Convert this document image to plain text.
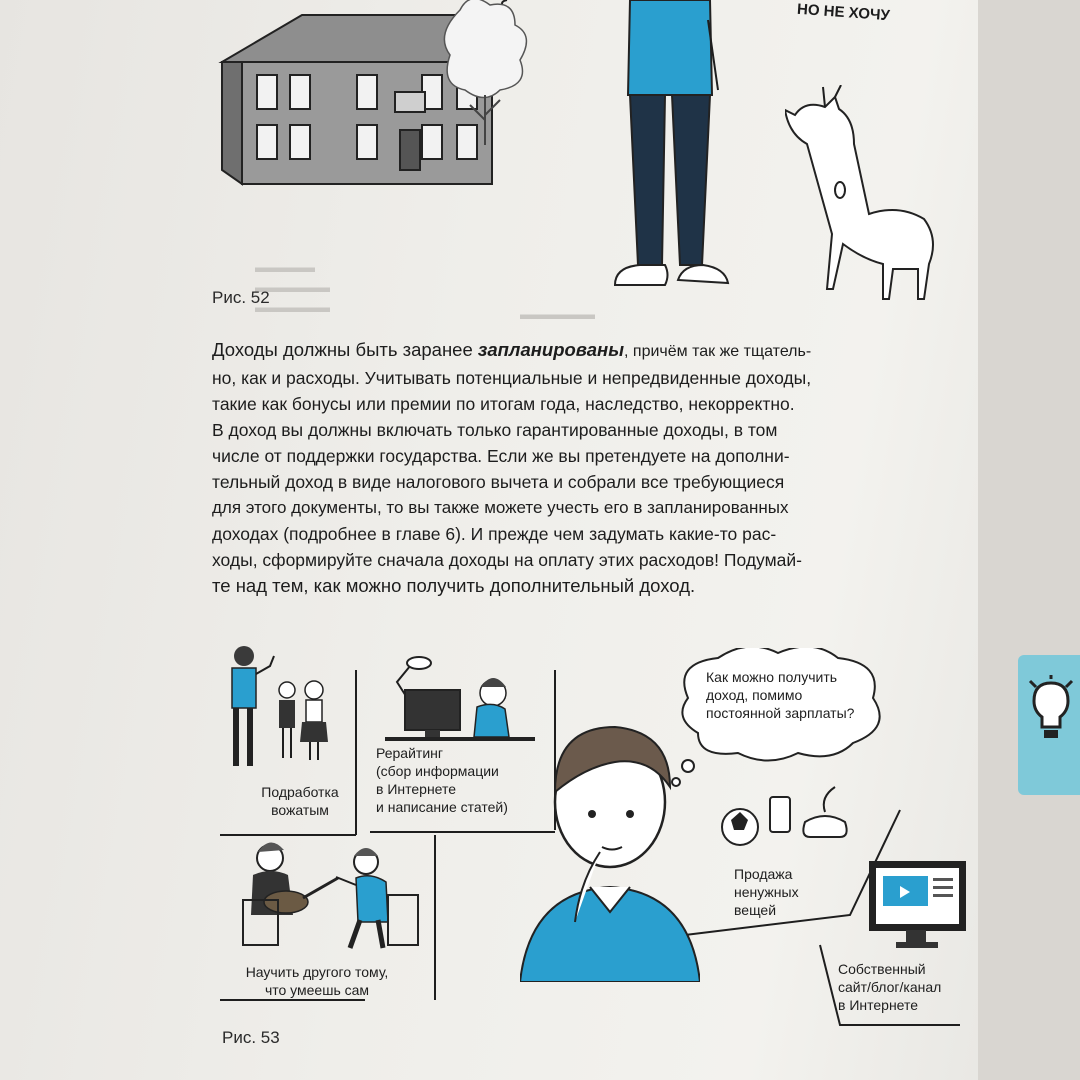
▬▬▬▬
▬▬▬▬▬
▬▬▬▬▬	▬▬▬▬▬
НО НЕ ХОЧУ
Рис. 52
Доходы должны быть заранее запланированы, причём так же тщатель-
но, как и расходы. Учитывать потенциальные и непредвиденные доходы,
такие как бонусы или премии по итогам года, наследство, некорректно.
В доход вы должны включать только гарантированные доходы, в том
числе от поддержки государства. Если же вы претендуете на дополни-
тельный доход в виде налогового вычета и собрали все требующиеся
для этого документы, то вы также можете учесть его в запланированных
доходах (подробнее в главе 6). И прежде чем задумать какие-то рас-
ходы, сформируйте сначала доходы на оплату этих расходов! Подумай-
те над тем, как можно получить дополнительный доход.
Подработка
вожатым
Рерайтинг
(сбор информации
в Интернете
и написание статей)
Научить другого тому,
что умеешь сам
Как можно получить
доход, помимо
постоянной зарплаты?
Продажа
ненужных
вещей
Собственный
сайт/блог/канал
в Интернете
Рис. 53
